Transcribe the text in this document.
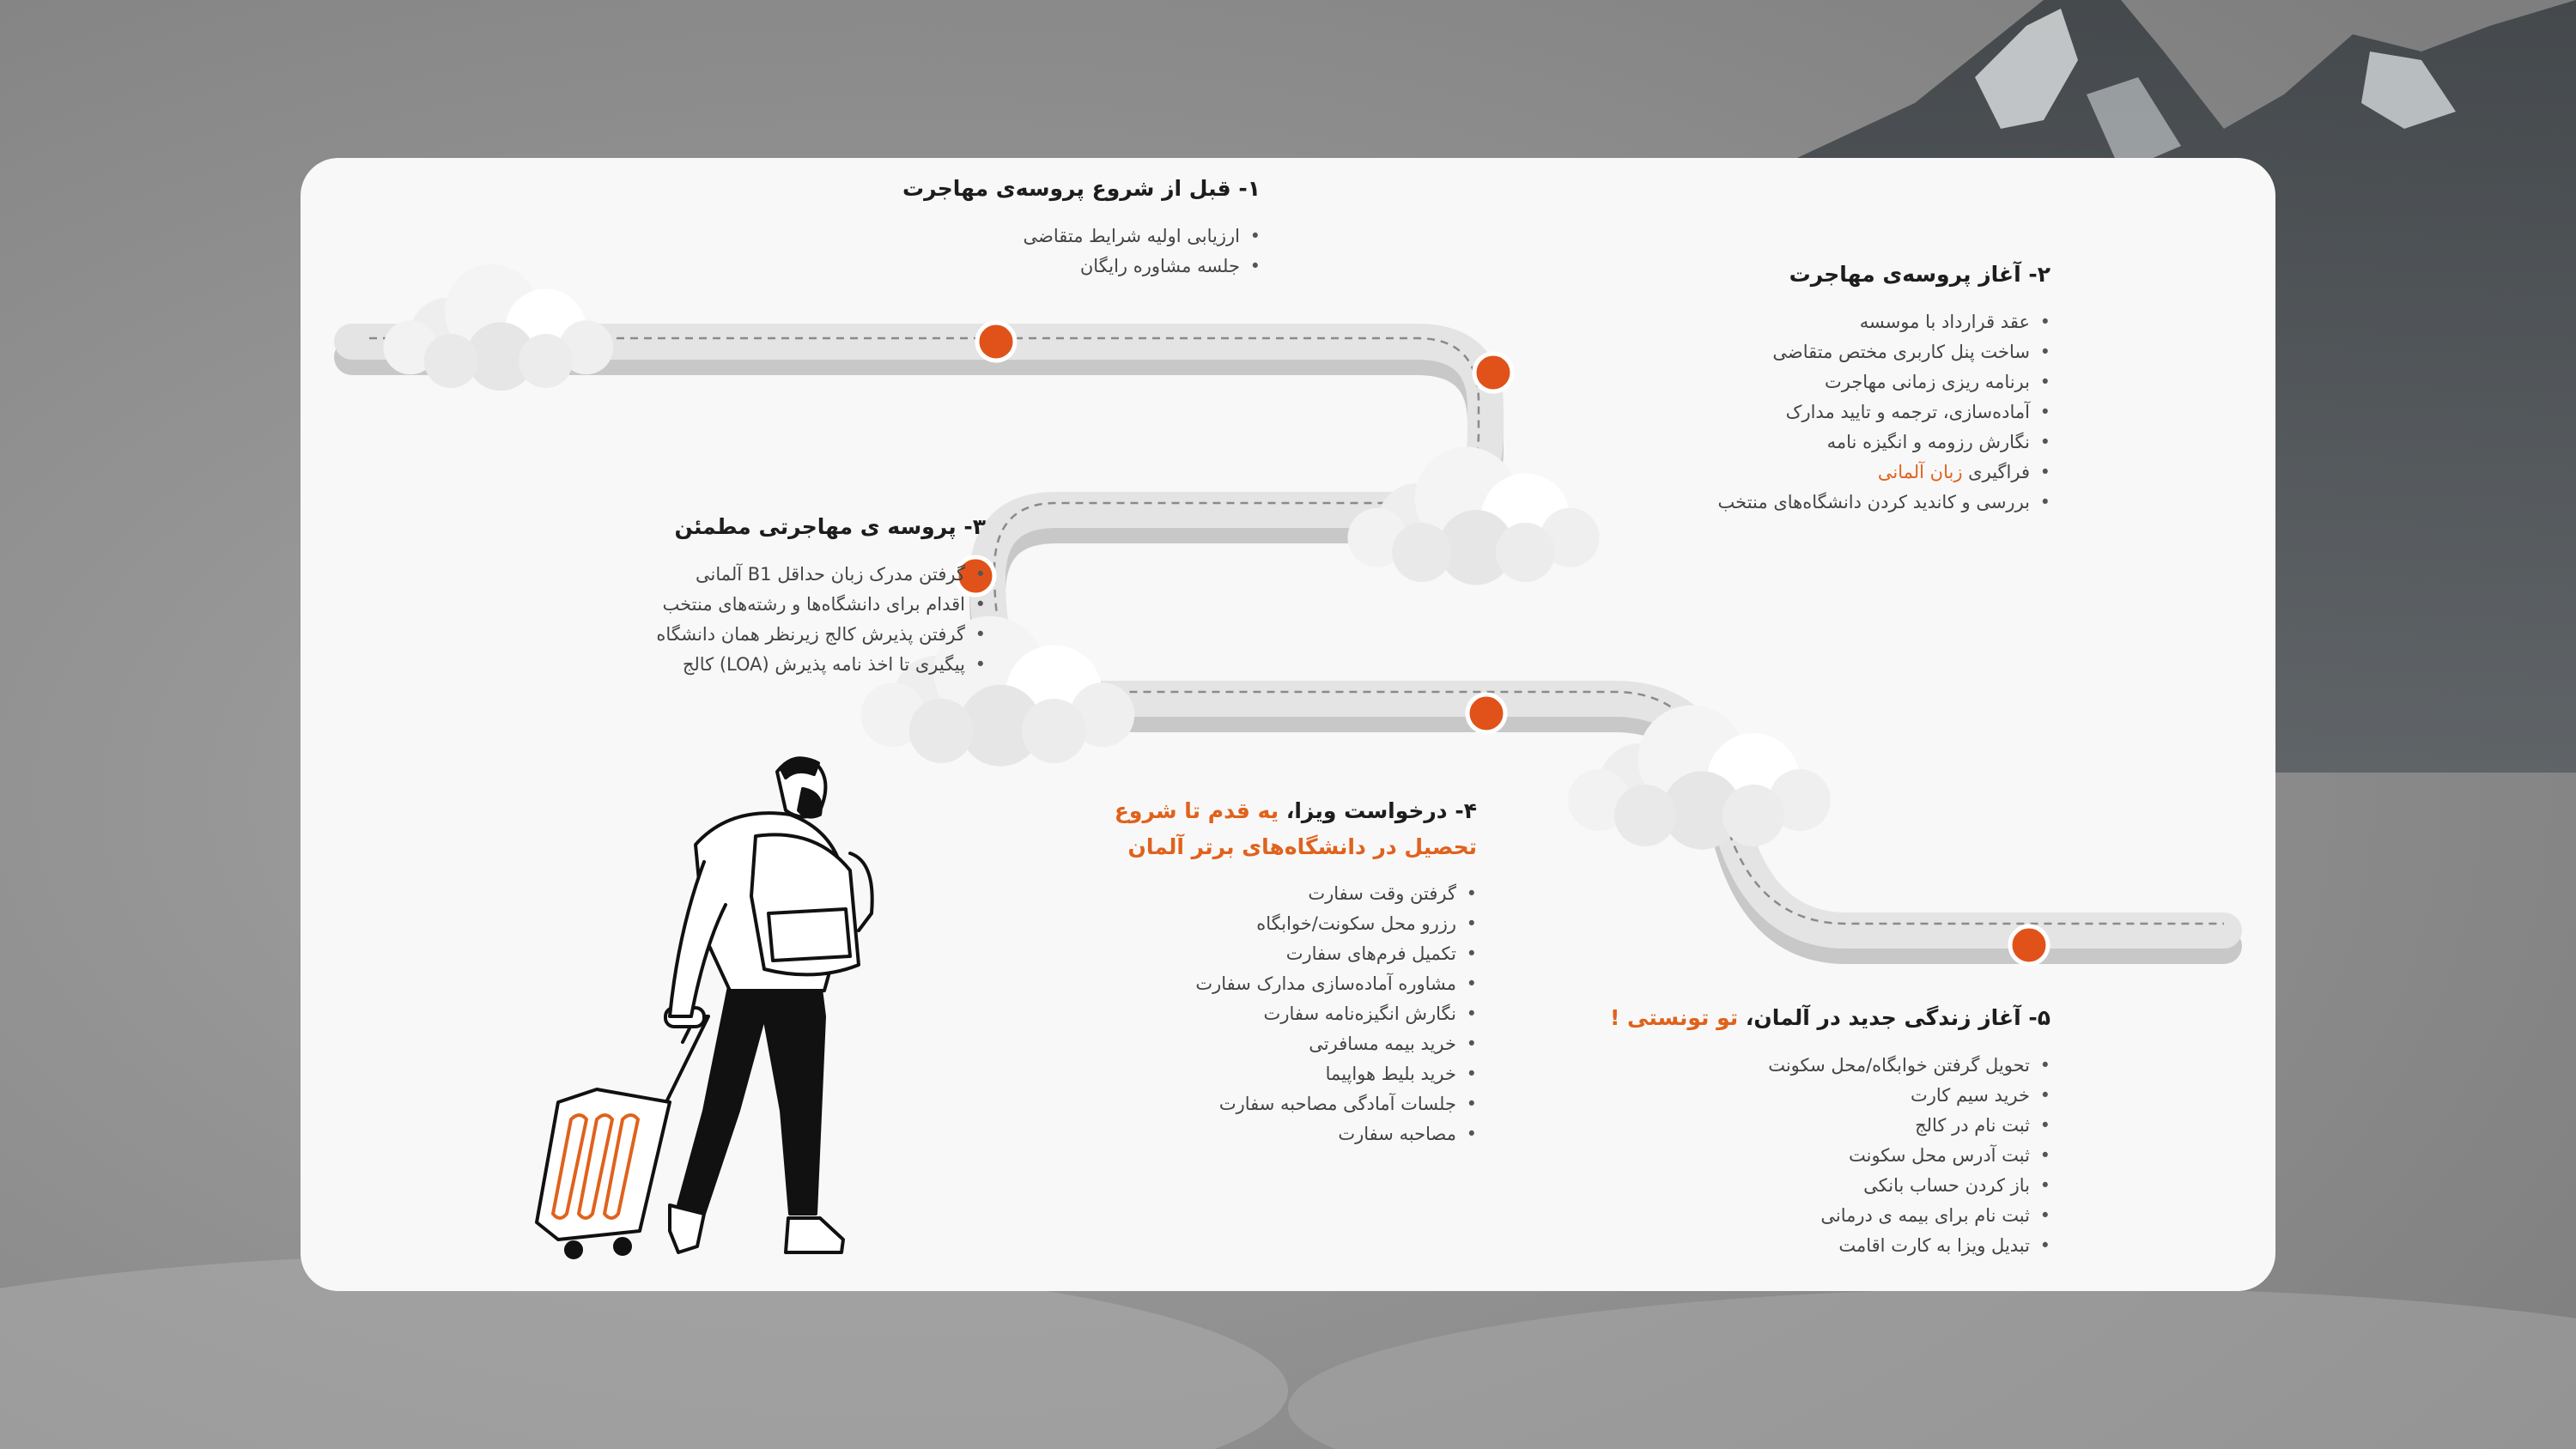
۱- قبل از شروع پروسه‌ی مهاجرت
• ارزیابی اولیه شرایط متقاضی
• جلسه مشاوره رایگان	۲- آغاز پروسه‌ی مهاجرت
• عقد قرارداد با موسسه
• ساخت پنل کاربری مختص متقاضی
• برنامه ریزی زمانی مهاجرت
• آماده‌سازی، ترجمه و تایید مدارک
• نگارش رزومه و انگیزه نامه
• فراگیری زبان آلمانی
• بررسی و کاندید کردن دانشگاه‌های منتخب
۳- پروسه ی مهاجرتی مطمئن
• گرفتن مدرک زبان حداقل B1 آلمانی
• اقدام برای دانشگاه‌ها و رشته‌های منتخب
• گرفتن پذیرش کالج زیرنظر همان دانشگاه
• پیگیری تا اخذ نامه پذیرش (LOA) کالج
۴- درخواست ویزا، یه قدم تا شروع
تحصیل در دانشگاه‌های برتر آلمان
• گرفتن وقت سفارت
• رزرو محل سکونت/خوابگاه
• تکمیل فرم‌های سفارت
• مشاوره آماده‌سازی مدارک سفارت
• نگارش انگیزه‌نامه سفارت
• خرید بیمه مسافرتی
• خرید بلیط هواپیما
• جلسات آمادگی مصاحبه سفارت
• مصاحبه سفارت
۵- آغاز زندگی جدید در آلمان، تو تونستی !
• تحویل گرفتن خوابگاه/محل سکونت
• خرید سیم کارت
• ثبت نام در کالج
• ثبت آدرس محل سکونت
• باز کردن حساب بانکی
• ثبت نام برای بیمه ی درمانی
• تبدیل ویزا به کارت اقامت
